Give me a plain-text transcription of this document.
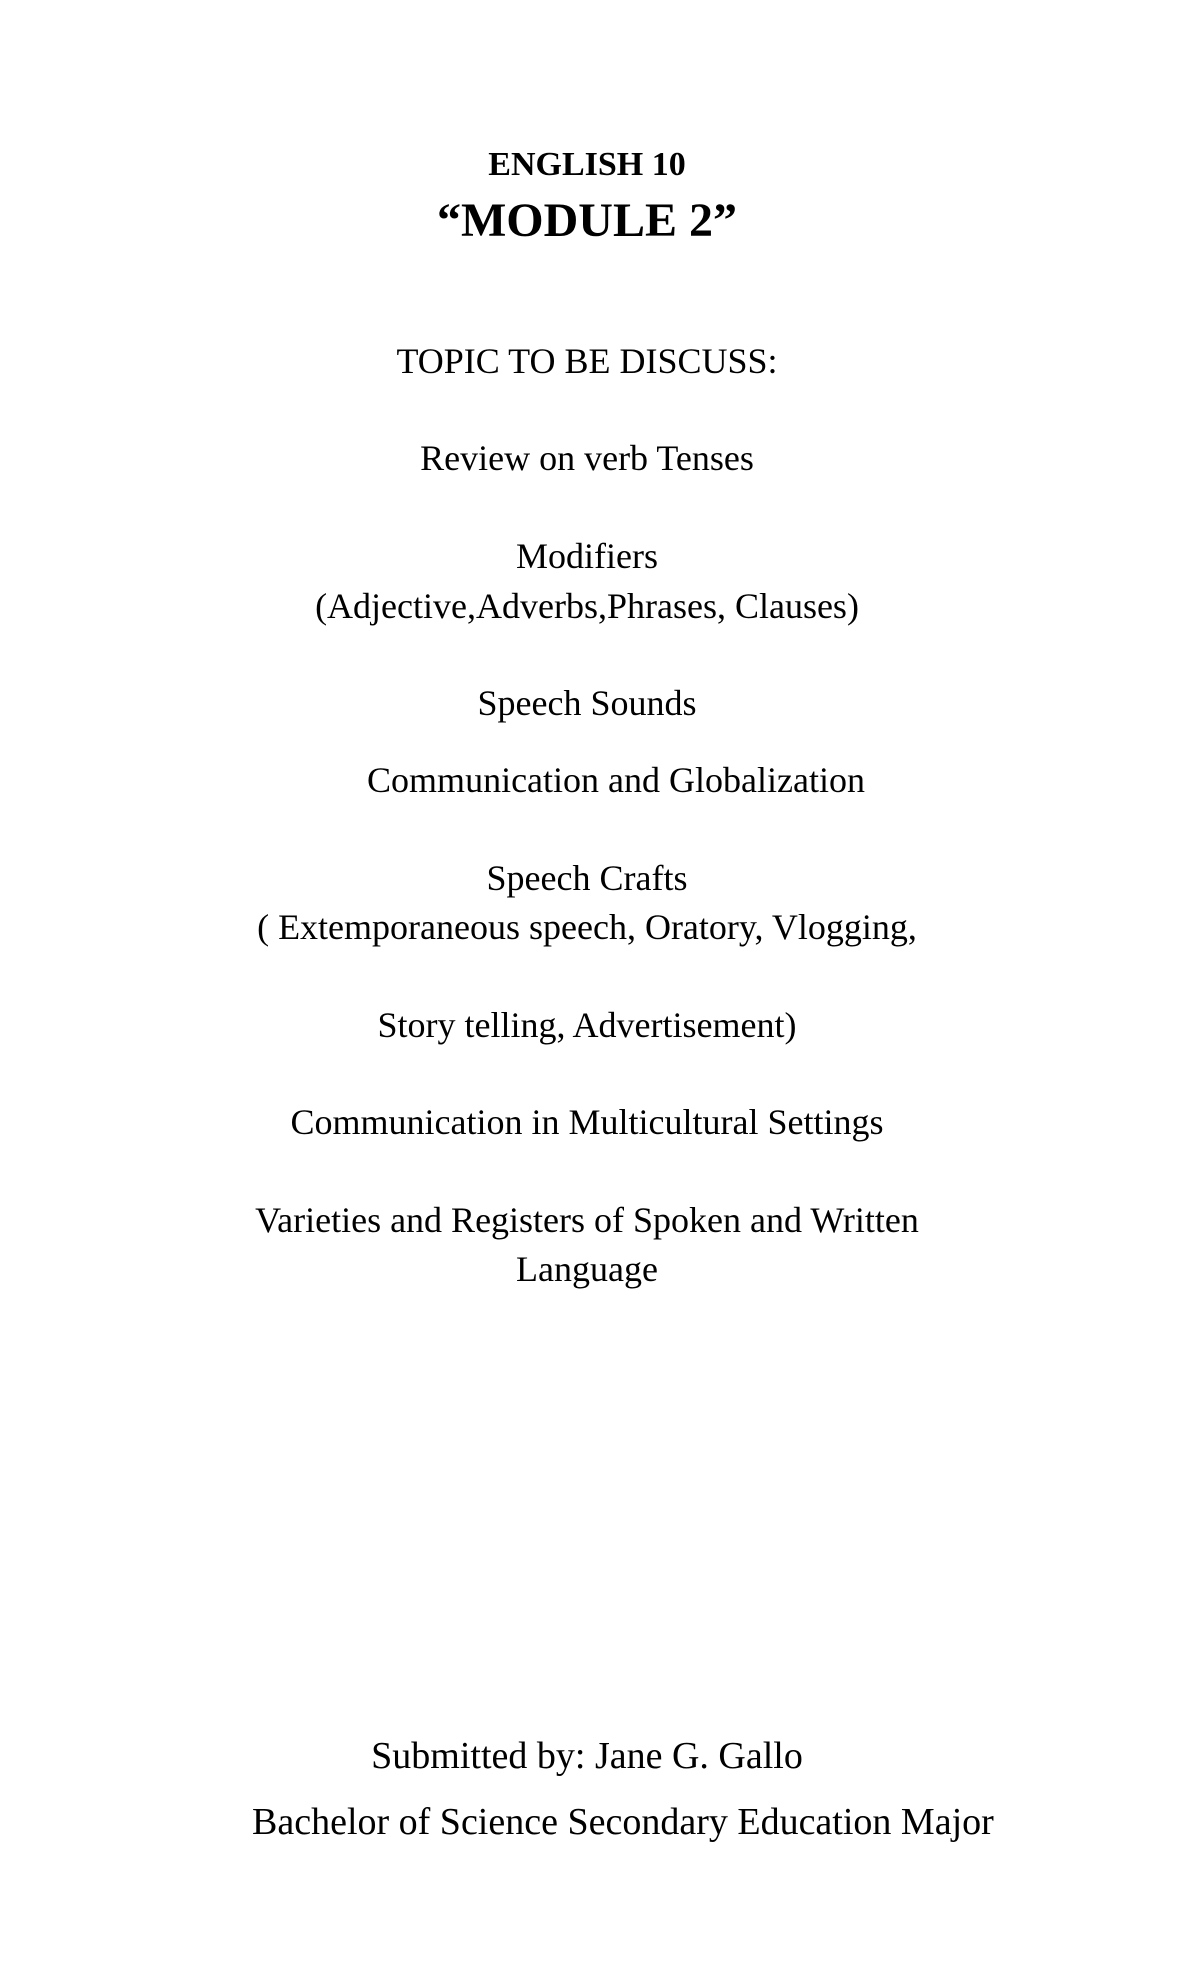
ENGLISH 10
“MODULE 2”
TOPIC TO BE DISCUSS:
Review on verb Tenses
Modifiers
(Adjective,Adverbs,Phrases, Clauses)
Speech Sounds
Communication and Globalization
Speech Crafts
( Extemporaneous speech, Oratory, Vlogging,
Story telling, Advertisement)
Communication in Multicultural Settings
Varieties and Registers of Spoken and Written
Language
Submitted by: Jane G. Gallo
Bachelor of Science Secondary Education Major
